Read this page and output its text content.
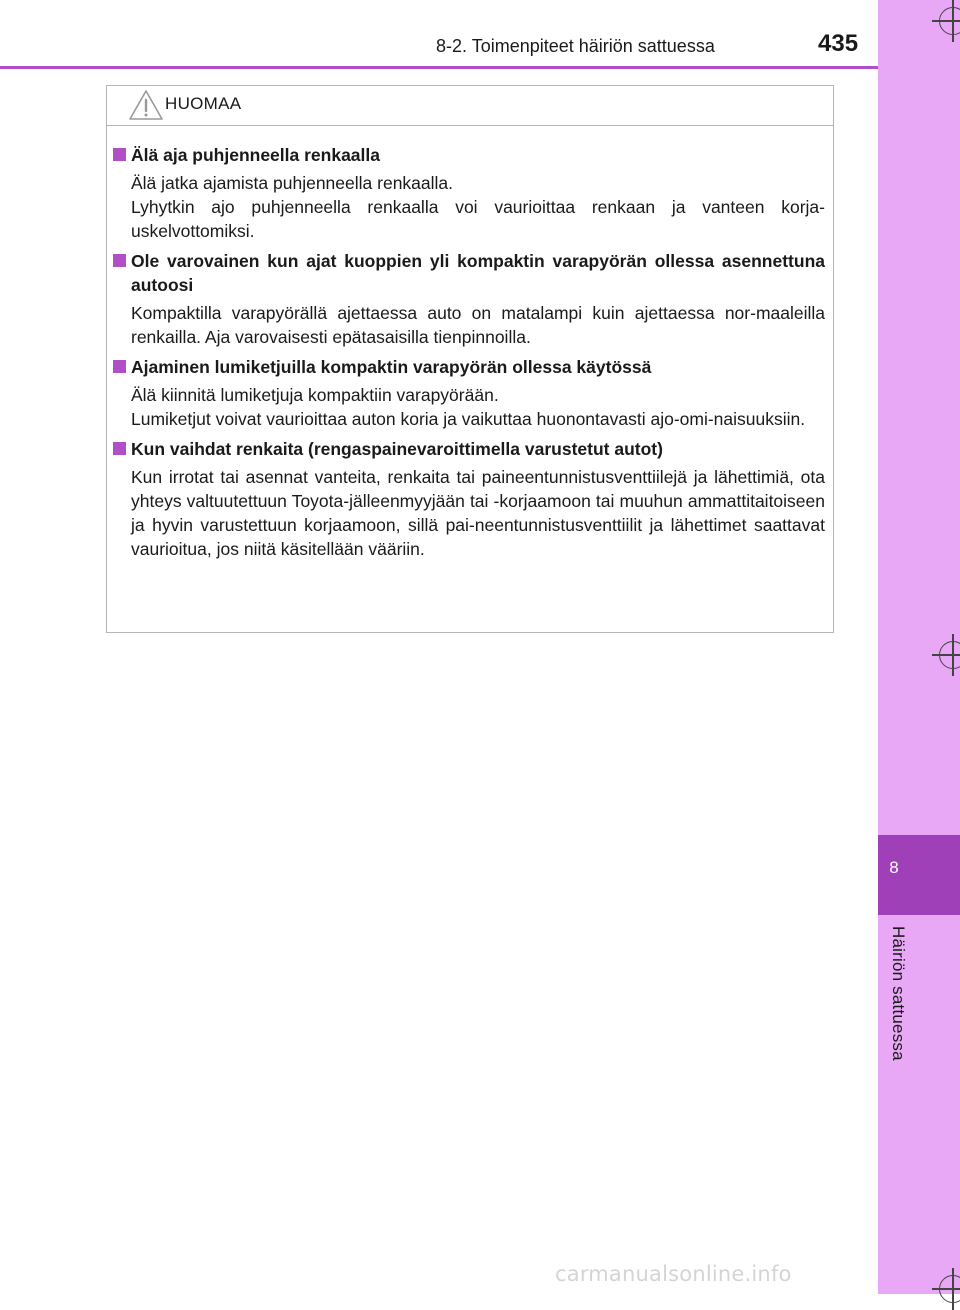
8
Häiriön sattuessa
8-2. Toimenpiteet häiriön sattuessa	435
HUOMAA
Älä aja puhjenneella renkaalla

Älä jatka ajamista puhjenneella renkaalla.

Lyhytkin ajo puhjenneella renkaalla voi vaurioittaa renkaan ja vanteen korja-uskelvottomiksi.

Ole varovainen kun ajat kuoppien yli kompaktin varapyörän ollessa asennettuna autoosi

Kompaktilla varapyörällä ajettaessa auto on matalampi kuin ajettaessa nor-maaleilla renkailla. Aja varovaisesti epätasaisilla tienpinnoilla.

Ajaminen lumiketjuilla kompaktin varapyörän ollessa käytössä

Älä kiinnitä lumiketjuja kompaktiin varapyörään.

Lumiketjut voivat vaurioittaa auton koria ja vaikuttaa huonontavasti ajo-omi-naisuuksiin.

Kun vaihdat renkaita (rengaspainevaroittimella varustetut autot)

Kun irrotat tai asennat vanteita, renkaita tai paineentunnistusventtiilejä ja lähettimiä, ota yhteys valtuutettuun Toyota-jälleenmyyjään tai -korjaamoon tai muuhun ammattitaitoiseen ja hyvin varustettuun korjaamoon, sillä pai-neentunnistusventtiilit ja lähettimet saattavat vaurioitua, jos niitä käsitellään vääriin.

carmanualsonline.info
